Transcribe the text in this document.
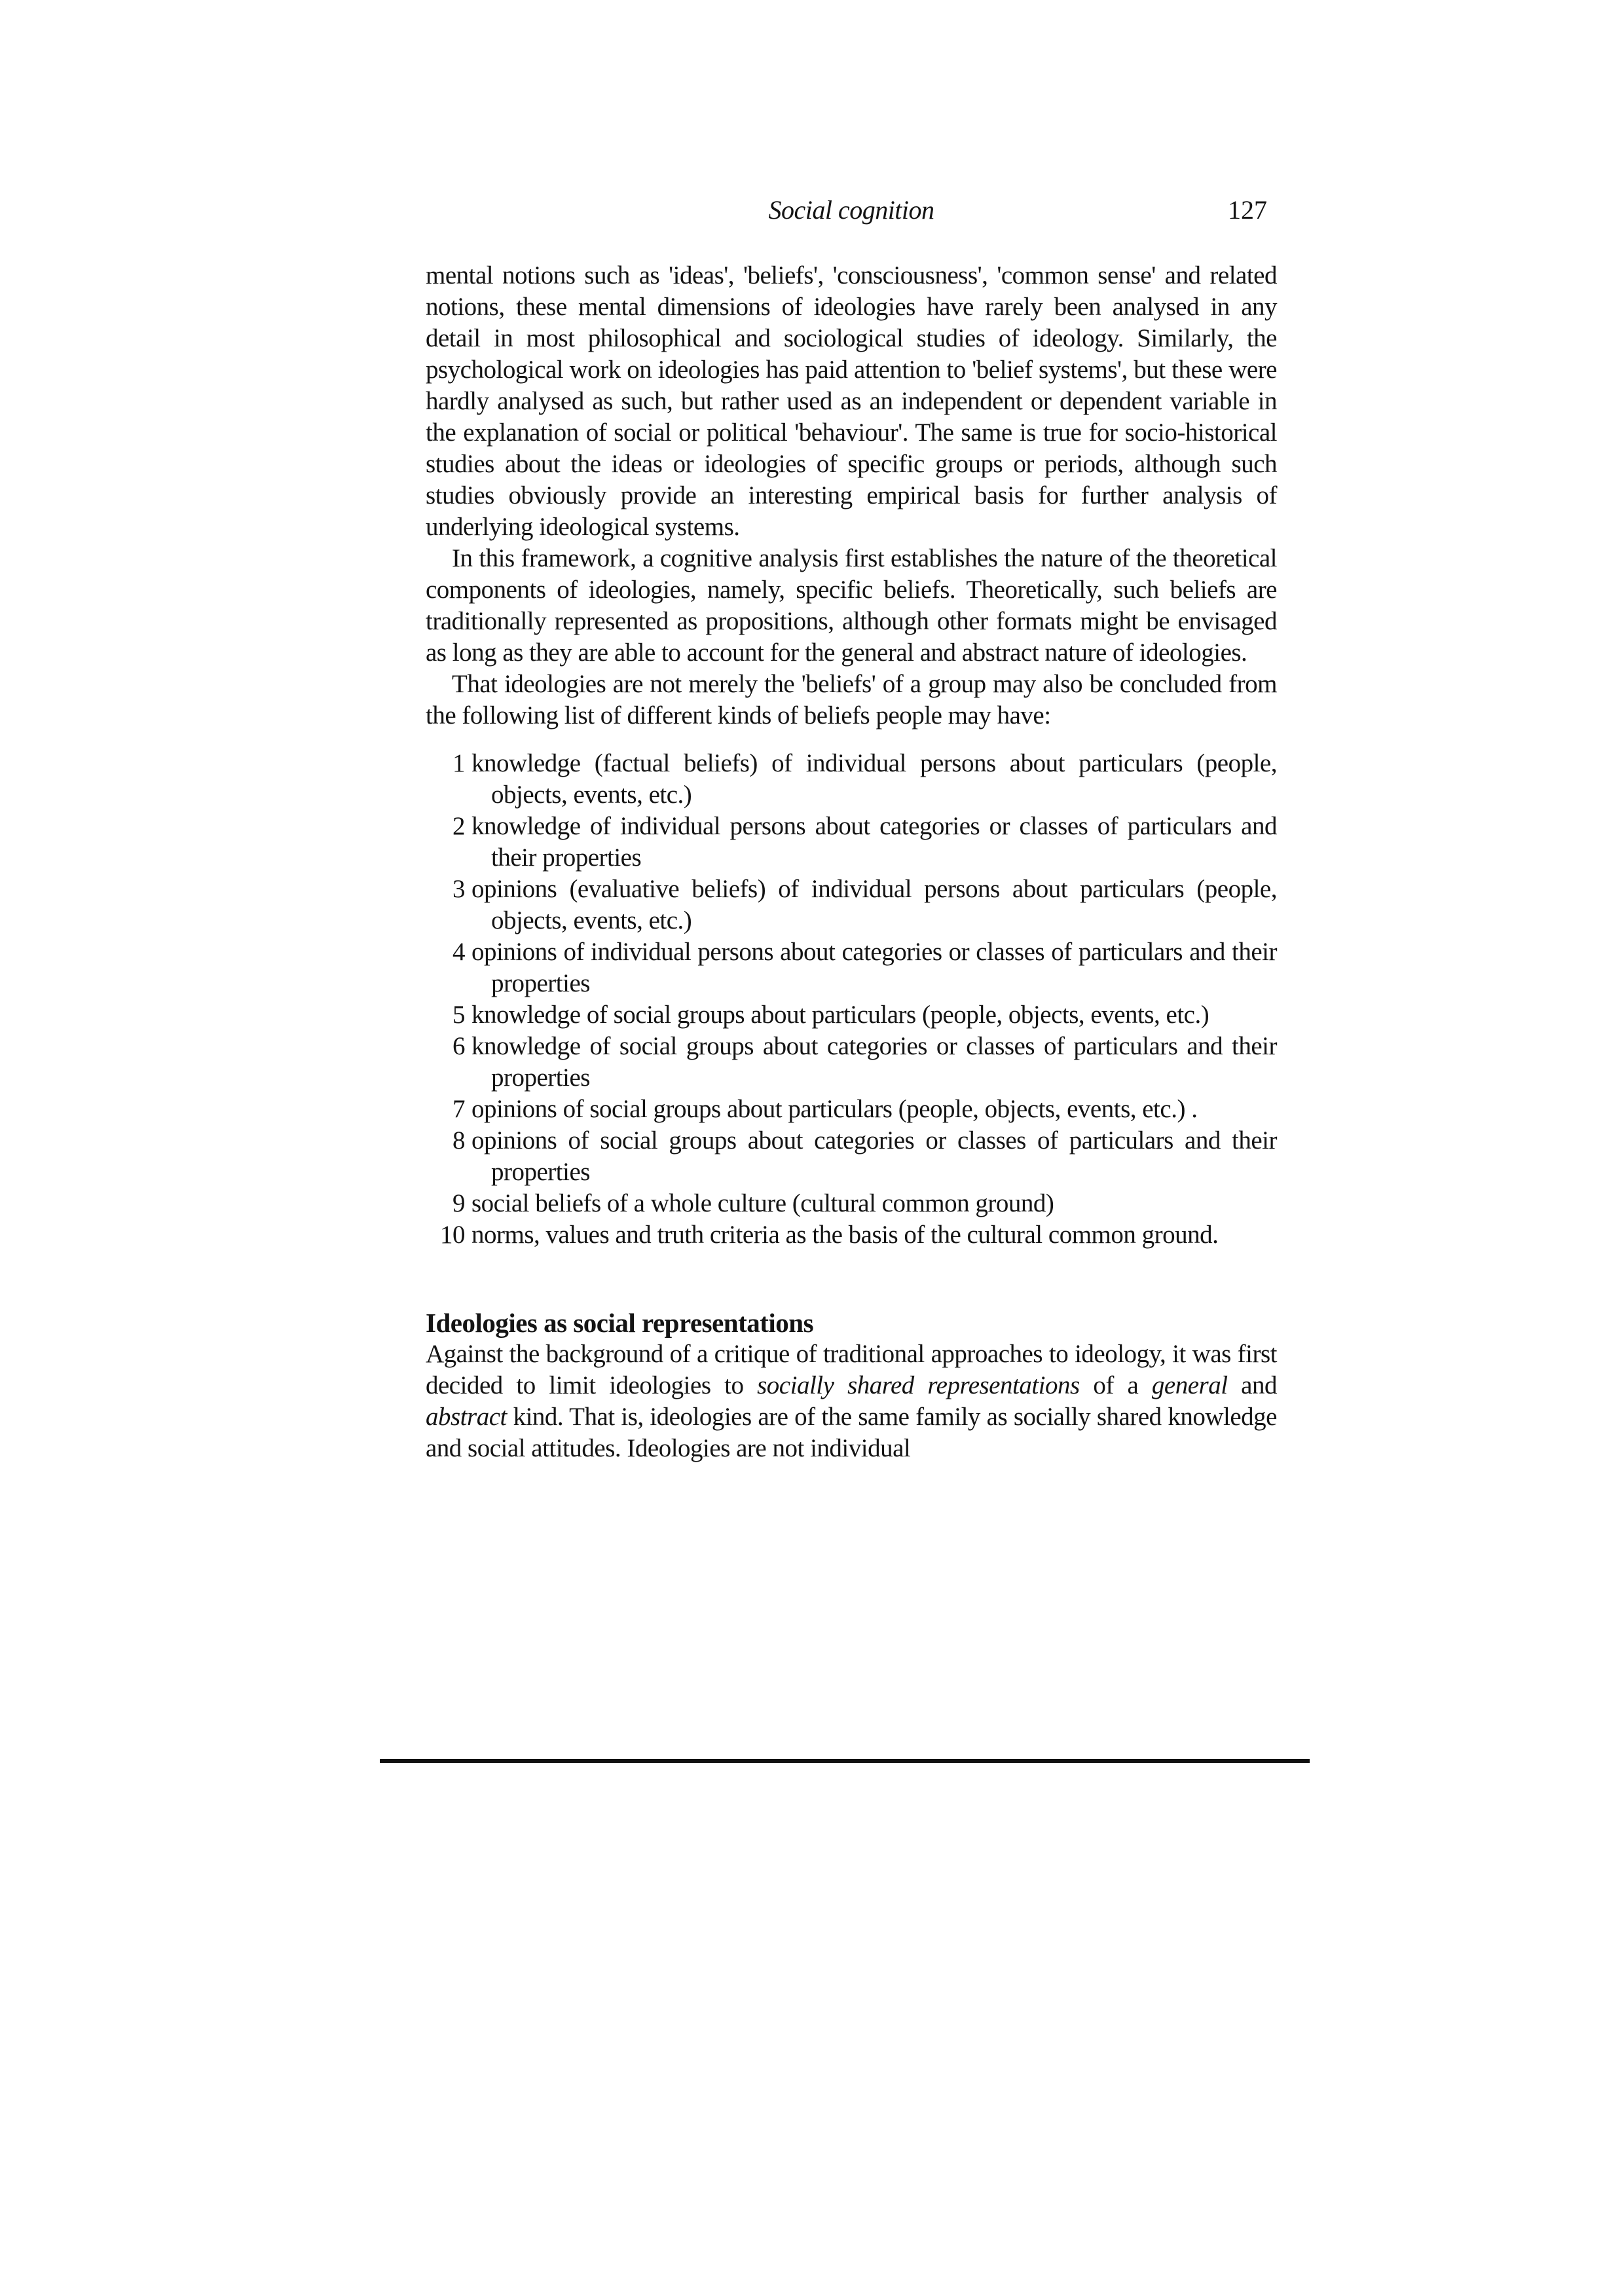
Social cognition	127

mental notions such as 'ideas', 'beliefs', 'consciousness', 'common sense' and related notions, these mental dimensions of ideologies have rarely been analysed in any detail in most philosophical and sociological studies of ideology. Similarly, the psychological work on ideologies has paid attention to 'belief systems', but these were hardly analysed as such, but rather used as an independent or dependent variable in the explanation of social or political 'behaviour'. The same is true for socio-historical studies about the ideas or ideologies of specific groups or periods, although such studies obviously provide an interesting empirical basis for further analysis of underlying ideological systems.

In this framework, a cognitive analysis first establishes the nature of the theoretical components of ideologies, namely, specific beliefs. Theoretically, such beliefs are traditionally represented as propositions, although other formats might be envisaged as long as they are able to account for the general and abstract nature of ideologies.

That ideologies are not merely the 'beliefs' of a group may also be concluded from the following list of different kinds of beliefs people may have:

1 knowledge (factual beliefs) of individual persons about particulars (people, objects, events, etc.)
2 knowledge of individual persons about categories or classes of particulars and their properties
3 opinions (evaluative beliefs) of individual persons about particulars (people, objects, events, etc.)
4 opinions of individual persons about categories or classes of particulars and their properties
5 knowledge of social groups about particulars (people, objects, events, etc.)
6 knowledge of social groups about categories or classes of particulars and their properties
7 opinions of social groups about particulars (people, objects, events, etc.) .
8 opinions of social groups about categories or classes of particulars and their properties
9 social beliefs of a whole culture (cultural common ground)
10 norms, values and truth criteria as the basis of the cultural common ground.
Ideologies as social representations

Against the background of a critique of traditional approaches to ideology, it was first decided to limit ideologies to socially shared representations of a general and abstract kind. That is, ideologies are of the same family as socially shared knowledge and social attitudes. Ideologies are not individual
